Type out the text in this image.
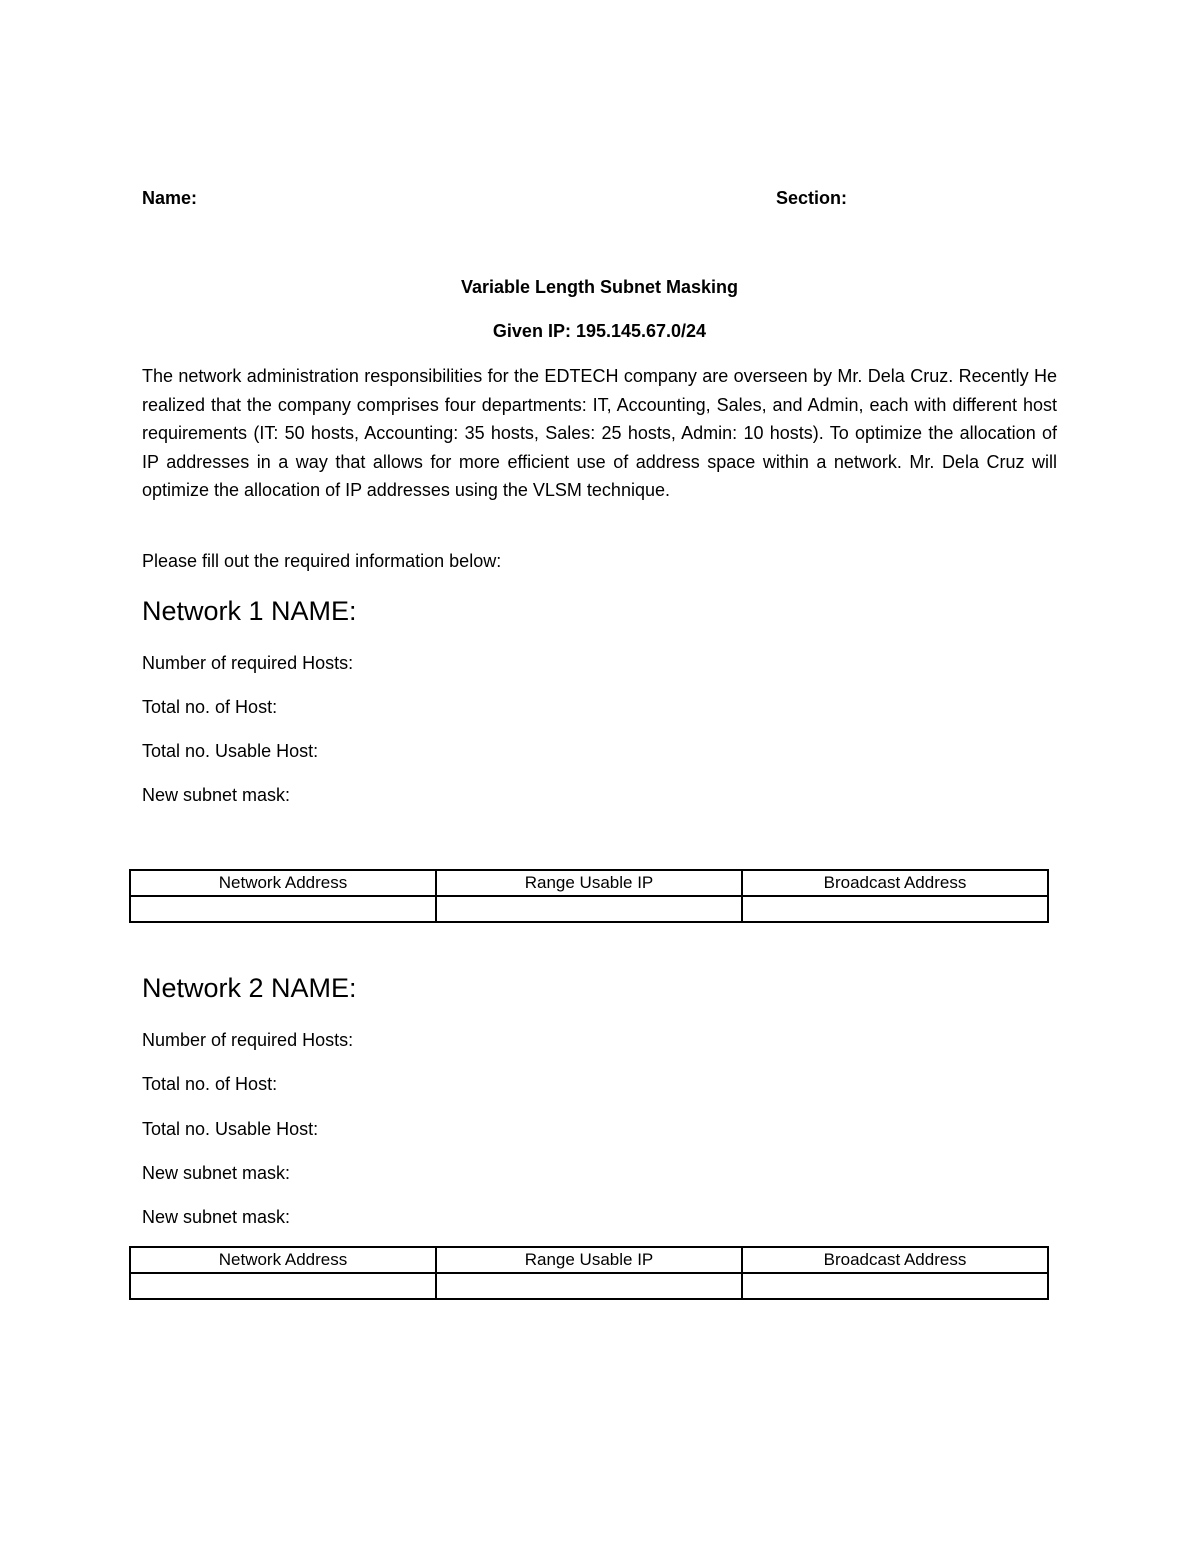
Name:	Section:
Variable Length Subnet Masking
Given IP: 195.145.67.0/24
The network administration responsibilities for the EDTECH company are overseen by Mr. Dela Cruz. Recently He realized that the company comprises four departments: IT, Accounting, Sales, and Admin, each with different host requirements (IT: 50 hosts, Accounting: 35 hosts, Sales: 25 hosts, Admin: 10 hosts). To optimize the allocation of IP addresses in a way that allows for more efficient use of address space within a network. Mr. Dela Cruz will optimize the allocation of IP addresses using the VLSM technique.
Please fill out the required information below:
Network 1 NAME:
Number of required Hosts:
Total no. of Host:
Total no. Usable Host:
New subnet mask:
Network Address	Range Usable IP	Broadcast Address

Network 2 NAME:
Number of required Hosts:
Total no. of Host:
Total no. Usable Host:
New subnet mask:
New subnet mask:
Network Address	Range Usable IP	Broadcast Address
